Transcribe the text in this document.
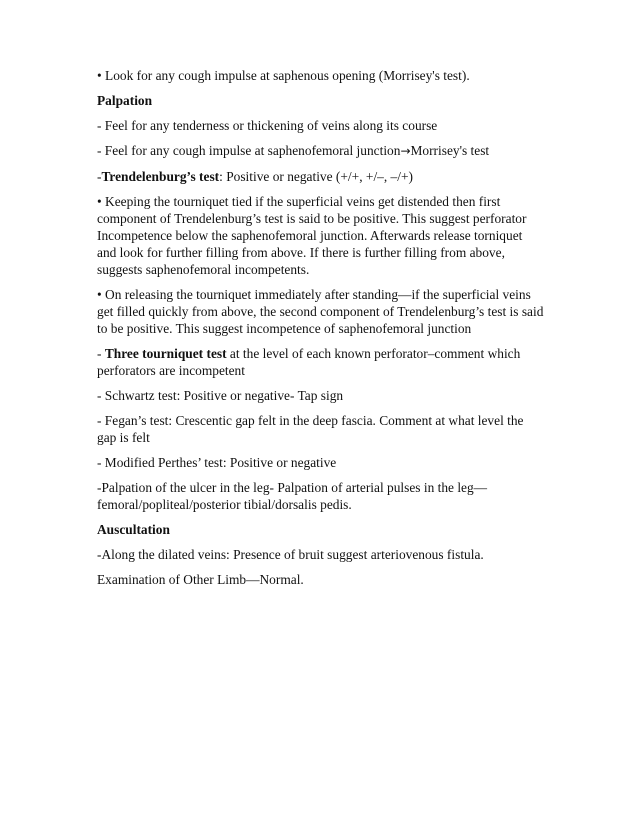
• Look for any cough impulse at saphenous opening (Morrisey's test).

Palpation

- Feel for any tenderness or thickening of veins along its course

- Feel for any cough impulse at saphenofemoral junction→Morrisey's test

-Trendelenburg’s test: Positive or negative (+/+, +/–, –/+)

• Keeping the tourniquet tied if the superficial veins get distended then first component of Trendelenburg’s test is said to be positive. This suggest perforator Incompetence below the saphenofemoral junction. Afterwards release torniquet and look for further filling from above. If there is further filling from above, suggests saphenofemoral incompetents.

• On releasing the tourniquet immediately after standing—if the superficial veins get filled quickly from above, the second component of Trendelenburg’s test is said to be positive. This suggest incompetence of saphenofemoral junction

- Three tourniquet test at the level of each known perforator–comment which perforators are incompetent

- Schwartz test: Positive or negative- Tap sign

- Fegan’s test: Crescentic gap felt in the deep fascia. Comment at what level the gap is felt

- Modified Perthes’ test: Positive or negative

-Palpation of the ulcer in the leg- Palpation of arterial pulses in the leg—femoral/popliteal/posterior tibial/dorsalis pedis.

Auscultation

-Along the dilated veins: Presence of bruit suggest arteriovenous fistula.

Examination of Other Limb—Normal.
